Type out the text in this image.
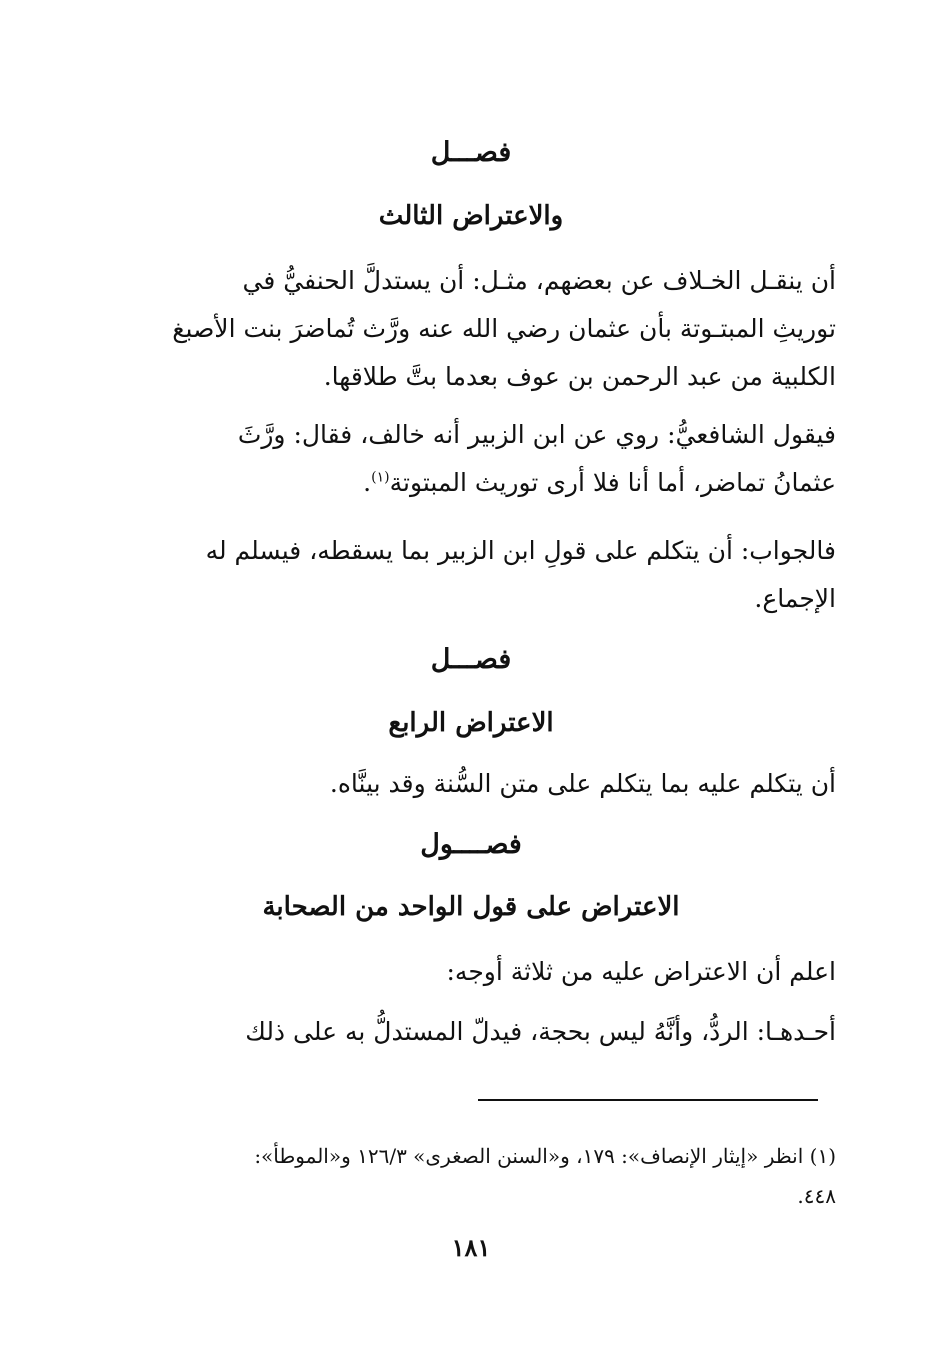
فصـــل
والاعتراض الثالث
أن ينقـل الخـلاف عن بعضهم، مثـل: أن يستدلَّ الحنفيُّ في
توريثِ المبتـوتة بأن عثمان رضي الله عنه ورَّث تُماضرَ بنت الأصبغ
الكلبية من عبد الرحمن بن عوف بعدما بتَّ طلاقها.
فيقول الشافعيُّ: روي عن ابن الزبير أنه خالف، فقال: ورَّثَ
عثمانُ تماضر، أما أنا فلا أرى توريث المبتوتة$^{(١)}$.
فالجواب: أن يتكلم على قولِ ابن الزبير بما يسقطه، فيسلم له
الإجماع.
فصـــل
الاعتراض الرابع
أن يتكلم عليه بما يتكلم على متن السُّنة وقد بينَّاه.
فصــــول
الاعتراض على قول الواحد من الصحابة
اعلم أن الاعتراض عليه من ثلاثة أوجه:
أحـدهـا: الردُّ، وأنَّهُ ليس بحجة، فيدلّ المستدلُّ به على ذلك
(١) انظر «إيثار الإنصاف»: ١٧٩، و«السنن الصغرى» ١٢٦/٣ و«الموطأ»:
٤٤٨.
١٨١
